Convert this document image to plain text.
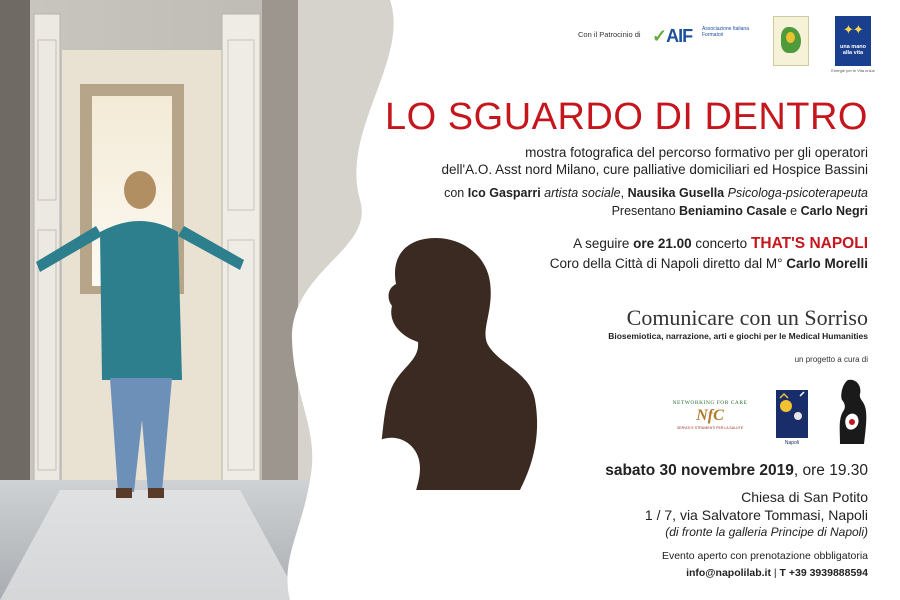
Con il Patrocinio di ✓AIF Associazione Italiana Formatori	✦✦
una mano alla vita
Energie per le Vita onlus
LO SGUARDO DI DENTRO
mostra fotografica del percorso formativo per gli operatori
dell'A.O. Asst nord Milano, cure palliative domiciliari ed Hospice Bassini
con Ico Gasparri artista sociale, Nausika Gusella Psicologa-psicoterapeuta
Presentano Beniamino Casale e Carlo Negri
A seguire ore 21.00 concerto THAT'S NAPOLI
Coro della Città di Napoli diretto dal M° Carlo Morelli
Comunicare con un Sorriso
Biosemiotica, narrazione, arti e giochi per le Medical Humanities
un progetto a cura di
NETWORKING FOR CARE
NfC
SERVIZI E STRUMENTI PER LA SALUTE
Napoli
sabato 30 novembre 2019, ore 19.30
Chiesa di San Potito
1 / 7, via Salvatore Tommasi, Napoli
(di fronte la galleria Principe di Napoli)
Evento aperto con prenotazione obbligatoria
info@napolilab.it | T +39 3939888594
